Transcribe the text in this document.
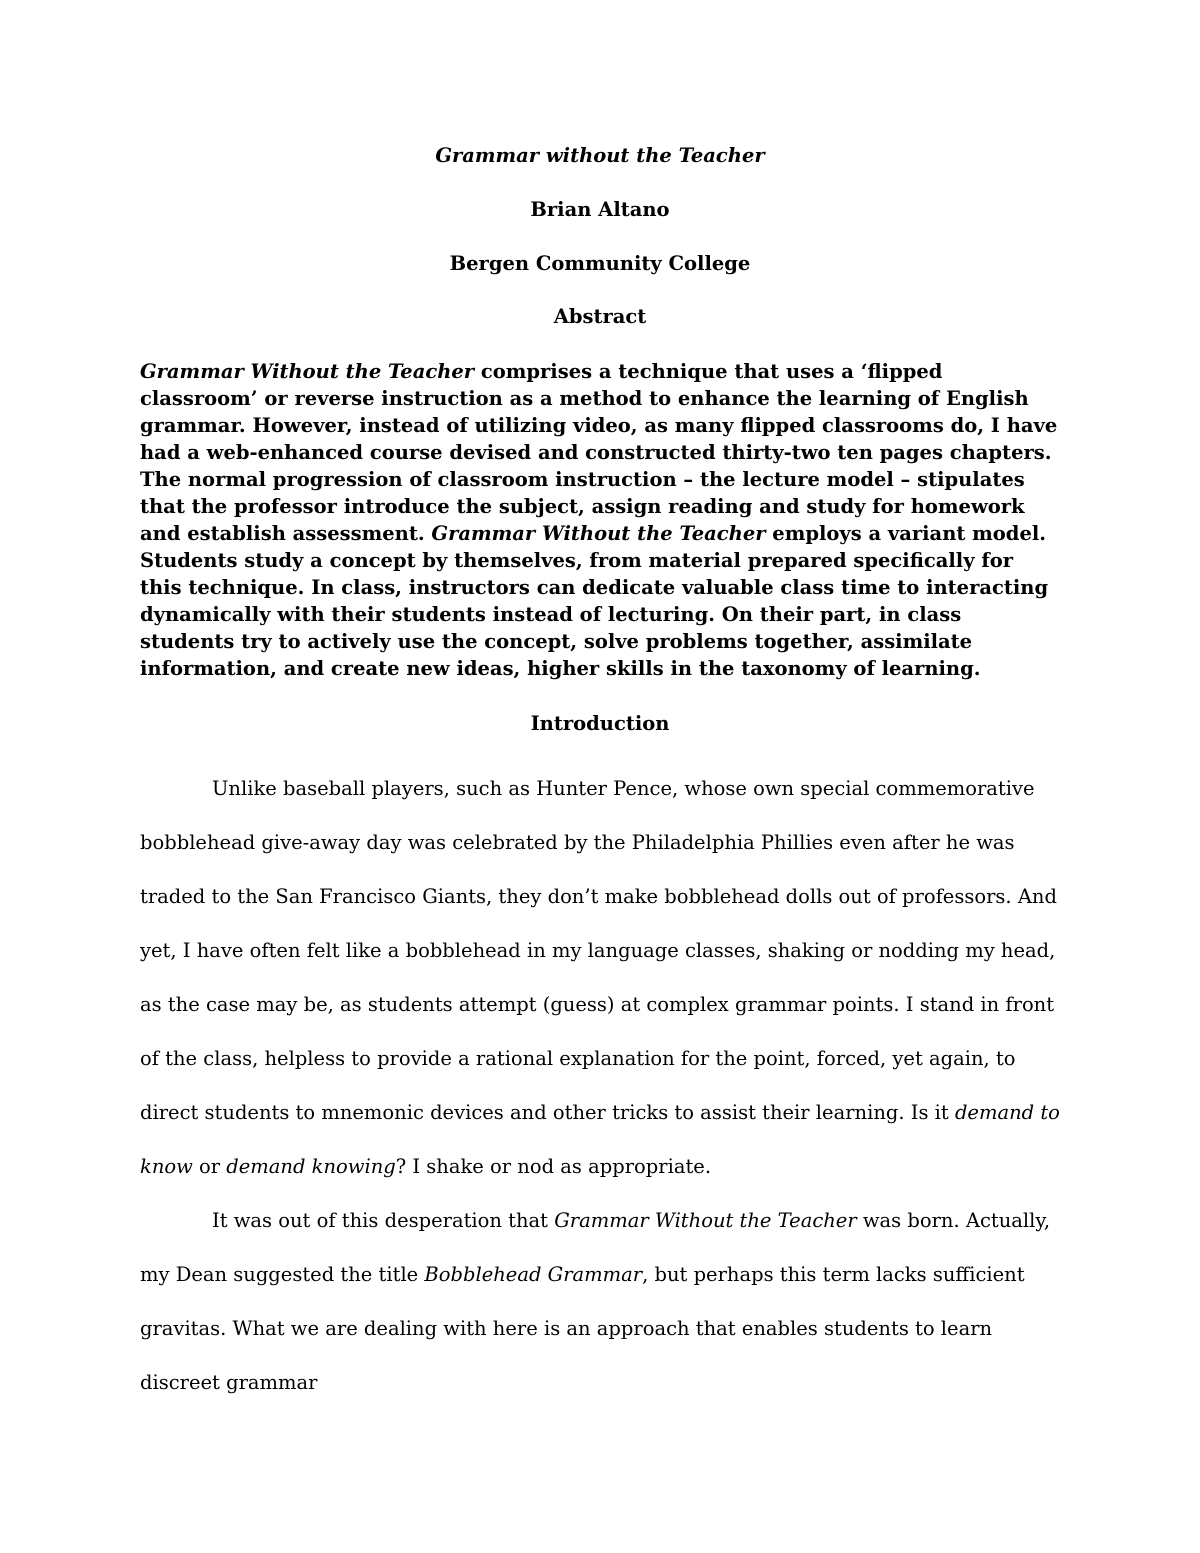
Grammar without the Teacher

Brian Altano

Bergen Community College

Abstract

Grammar Without the Teacher comprises a technique that uses a ‘flipped classroom’ or reverse instruction as a method to enhance the learning of English grammar. However, instead of utilizing video, as many flipped classrooms do, I have had a web-enhanced course devised and constructed thirty-two ten pages chapters. The normal progression of classroom instruction – the lecture model – stipulates that the professor introduce the subject, assign reading and study for homework and establish assessment. Grammar Without the Teacher employs a variant model. Students study a concept by themselves, from material prepared specifically for this technique. In class, instructors can dedicate valuable class time to interacting dynamically with their students instead of lecturing. On their part, in class students try to actively use the concept, solve problems together, assimilate information, and create new ideas, higher skills in the taxonomy of learning.

Introduction

Unlike baseball players, such as Hunter Pence, whose own special commemorative bobblehead give-away day was celebrated by the Philadelphia Phillies even after he was traded to the San Francisco Giants, they don’t make bobblehead dolls out of professors. And yet, I have often felt like a bobblehead in my language classes, shaking or nodding my head, as the case may be, as students attempt (guess) at complex grammar points. I stand in front of the class, helpless to provide a rational explanation for the point, forced, yet again, to direct students to mnemonic devices and other tricks to assist their learning. Is it demand to know or demand knowing? I shake or nod as appropriate.

It was out of this desperation that Grammar Without the Teacher was born. Actually, my Dean suggested the title Bobblehead Grammar, but perhaps this term lacks sufficient gravitas. What we are dealing with here is an approach that enables students to learn discreet grammar
